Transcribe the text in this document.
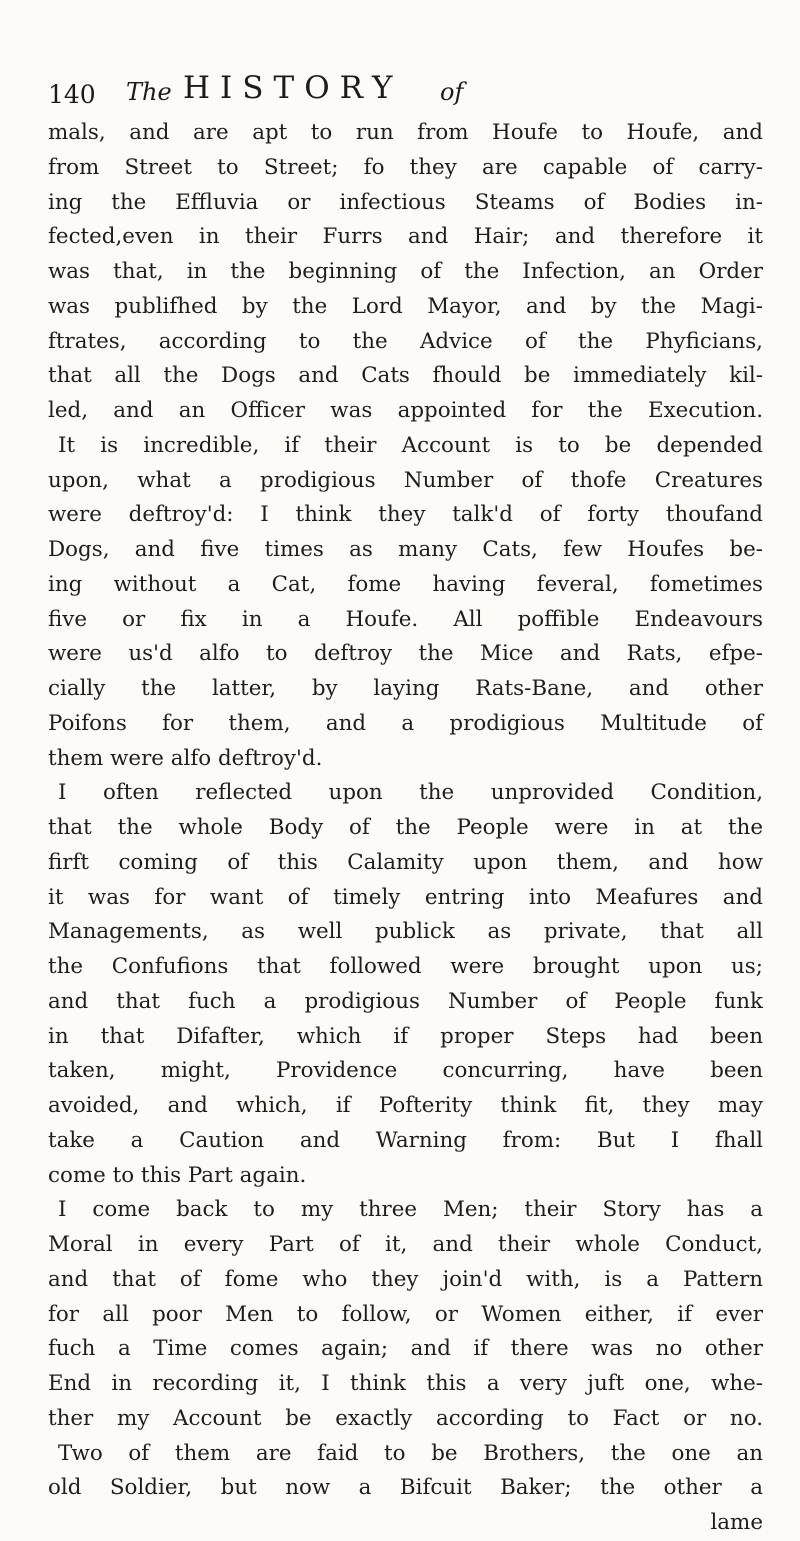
140 The HISTORY of
mals, and are apt to run from Houfe to Houfe, and
from Street to Street; fo they are capable of carry-
ing the Effluvia or infectious Steams of Bodies in-
fected,even in their Furrs and Hair; and therefore it
was that, in the beginning of the Infection, an Order
was publifhed by the Lord Mayor, and by the Magi-
ftrates, according to the Advice of the Phyficians,
that all the Dogs and Cats fhould be immediately kil-
led, and an Officer was appointed for the Execution.
It is incredible, if their Account is to be depended
upon, what a prodigious Number of thofe Creatures
were deftroy'd: I think they talk'd of forty thoufand
Dogs, and five times as many Cats, few Houfes be-
ing without a Cat, fome having feveral, fometimes
five or fix in a Houfe. All poffible Endeavours
were us'd alfo to deftroy the Mice and Rats, efpe-
cially the latter, by laying Rats-Bane, and other
Poifons for them, and a prodigious Multitude of
them were alfo deftroy'd.
I often reflected upon the unprovided Condition,
that the whole Body of the People were in at the
firft coming of this Calamity upon them, and how
it was for want of timely entring into Meafures and
Managements, as well publick as private, that all
the Confufions that followed were brought upon us;
and that fuch a prodigious Number of People funk
in that Difafter, which if proper Steps had been
taken, might, Providence concurring, have been
avoided, and which, if Pofterity think fit, they may
take a Caution and Warning from: But I fhall
come to this Part again.
I come back to my three Men; their Story has a
Moral in every Part of it, and their whole Conduct,
and that of fome who they join'd with, is a Pattern
for all poor Men to follow, or Women either, if ever
fuch a Time comes again; and if there was no other
End in recording it, I think this a very juft one, whe-
ther my Account be exactly according to Fact or no.
Two of them are faid to be Brothers, the one an
old Soldier, but now a Bifcuit Baker; the other a
lame
